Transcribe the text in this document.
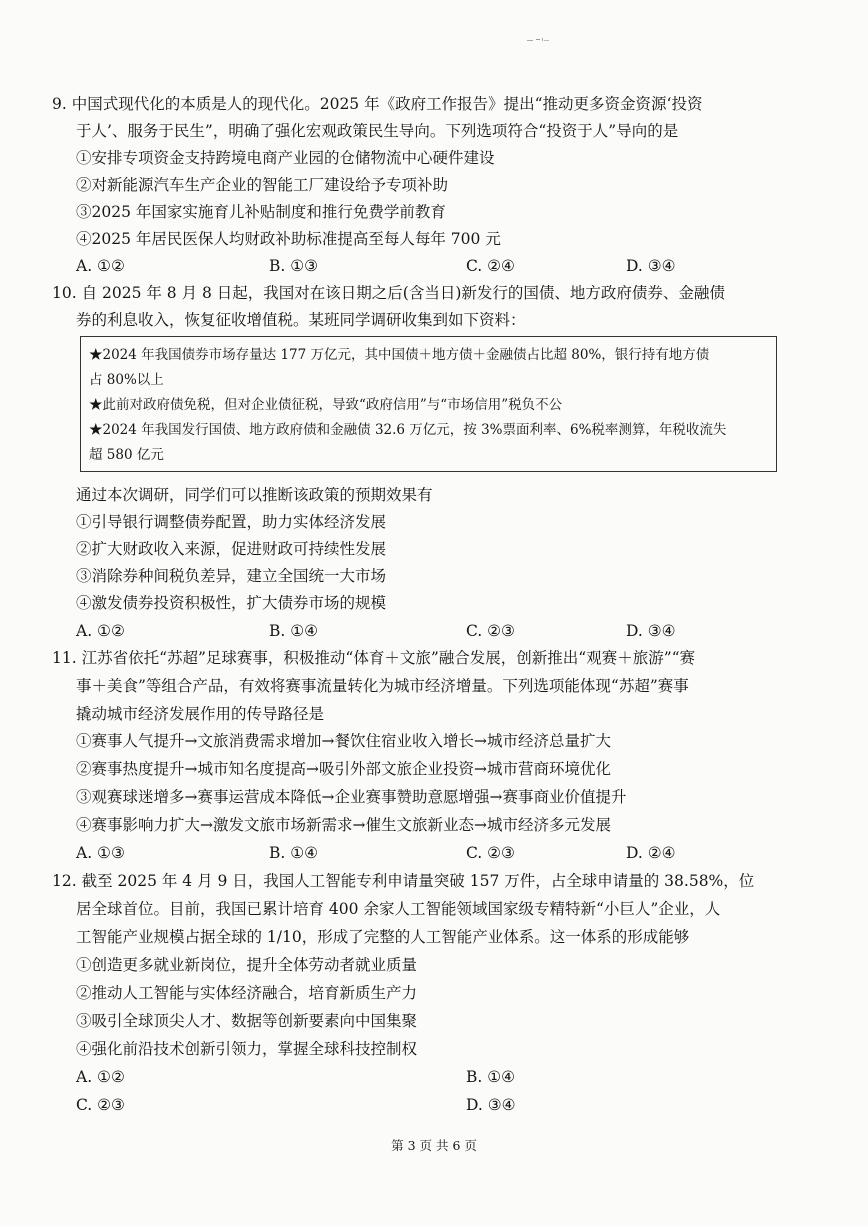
9. 中国式现代化的本质是人的现代化。2025 年《政府工作报告》提出“推动更多资金资源‘投资
于人’、服务于民生”，明确了强化宏观政策民生导向。下列选项符合“投资于人”导向的是
①安排专项资金支持跨境电商产业园的仓储物流中心硬件建设
②对新能源汽车生产企业的智能工厂建设给予专项补助
③2025 年国家实施育儿补贴制度和推行免费学前教育
④2025 年居民医保人均财政补助标准提高至每人每年 700 元
A. ①②	B. ①③	C. ②④	D. ③④
10. 自 2025 年 8 月 8 日起，我国对在该日期之后(含当日)新发行的国债、地方政府债券、金融债
券的利息收入，恢复征收增值税。某班同学调研收集到如下资料：
★2024 年我国债券市场存量达 177 万亿元，其中国债＋地方债＋金融债占比超 80%，银行持有地方债
占 80%以上
★此前对政府债免税，但对企业债征税，导致“政府信用”与“市场信用”税负不公
★2024 年我国发行国债、地方政府债和金融债 32.6 万亿元，按 3%票面利率、6%税率测算，年税收流失
超 580 亿元
通过本次调研，同学们可以推断该政策的预期效果有
①引导银行调整债券配置，助力实体经济发展
②扩大财政收入来源，促进财政可持续性发展
③消除券种间税负差异，建立全国统一大市场
④激发债券投资积极性，扩大债券市场的规模
A. ①②	B. ①④	C. ②③	D. ③④
11. 江苏省依托“苏超”足球赛事，积极推动“体育＋文旅”融合发展，创新推出“观赛＋旅游”“赛
事＋美食”等组合产品，有效将赛事流量转化为城市经济增量。下列选项能体现“苏超”赛事
撬动城市经济发展作用的传导路径是
①赛事人气提升→文旅消费需求增加→餐饮住宿业收入增长→城市经济总量扩大
②赛事热度提升→城市知名度提高→吸引外部文旅企业投资→城市营商环境优化
③观赛球迷增多→赛事运营成本降低→企业赛事赞助意愿增强→赛事商业价值提升
④赛事影响力扩大→激发文旅市场新需求→催生文旅新业态→城市经济多元发展
A. ①③	B. ①④	C. ②③	D. ②④
12. 截至 2025 年 4 月 9 日，我国人工智能专利申请量突破 157 万件，占全球申请量的 38.58%，位
居全球首位。目前，我国已累计培育 400 余家人工智能领域国家级专精特新“小巨人”企业，人
工智能产业规模占据全球的 1/10，形成了完整的人工智能产业体系。这一体系的形成能够
①创造更多就业新岗位，提升全体劳动者就业质量
②推动人工智能与实体经济融合，培育新质生产力
③吸引全球顶尖人才、数据等创新要素向中国集聚
④强化前沿技术创新引领力，掌握全球科技控制权
A. ①②	B. ①④
C. ②③	D. ③④
第 3 页 共 6 页
